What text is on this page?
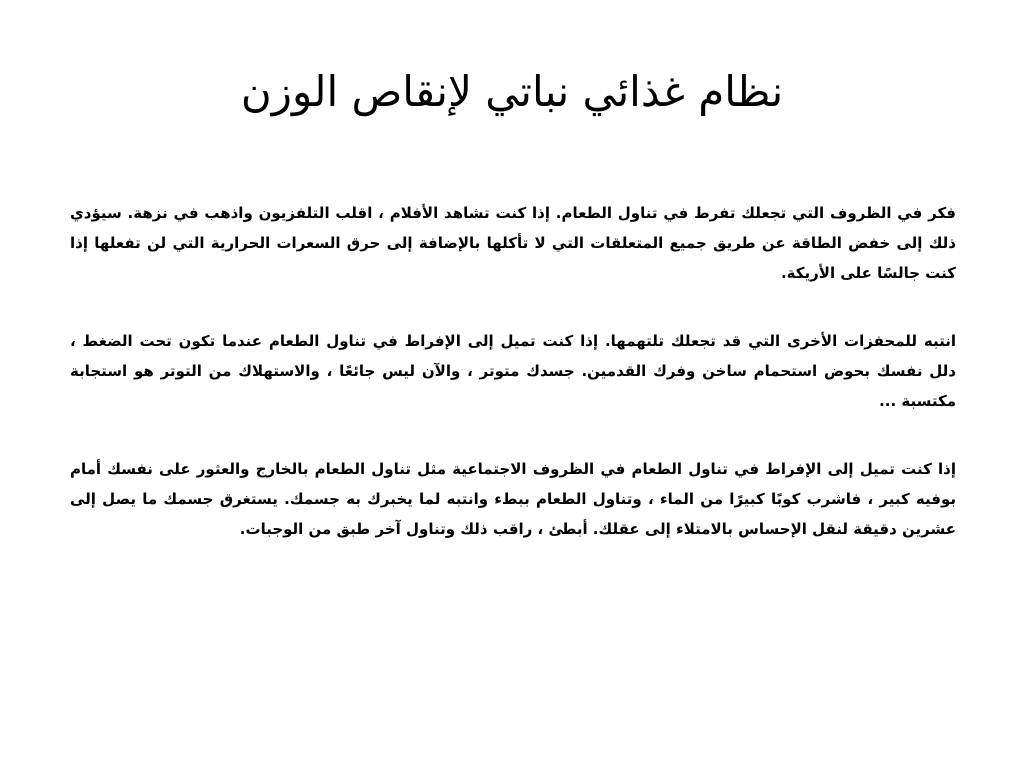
نظام غذائي نباتي لإنقاص الوزن

فكر في الظروف التي تجعلك تفرط في تناول الطعام. إذا كنت تشاهد الأفلام ، اقلب التلفزيون واذهب في نزهة. سيؤدي ذلك إلى خفض الطاقة عن طريق جميع المتعلقات التي لا تأكلها بالإضافة إلى حرق السعرات الحرارية التي لن تفعلها إذا كنت جالسًا على الأريكة.

انتبه للمحفزات الأخرى التي قد تجعلك تلتهمها. إذا كنت تميل إلى الإفراط في تناول الطعام عندما تكون تحت الضغط ، دلل نفسك بحوض استحمام ساخن وفرك القدمين. جسدك متوتر ، والآن ليس جائعًا ، والاستهلاك من التوتر هو استجابة مكتسبة ...

إذا كنت تميل إلى الإفراط في تناول الطعام في الظروف الاجتماعية مثل تناول الطعام بالخارج والعثور على نفسك أمام بوفيه كبير ، فاشرب كوبًا كبيرًا من الماء ، وتناول الطعام ببطء وانتبه لما يخبرك به جسمك. يستغرق جسمك ما يصل إلى عشرين دقيقة لنقل الإحساس بالامتلاء إلى عقلك. أبطئ ، راقب ذلك وتناول آخر طبق من الوجبات.
